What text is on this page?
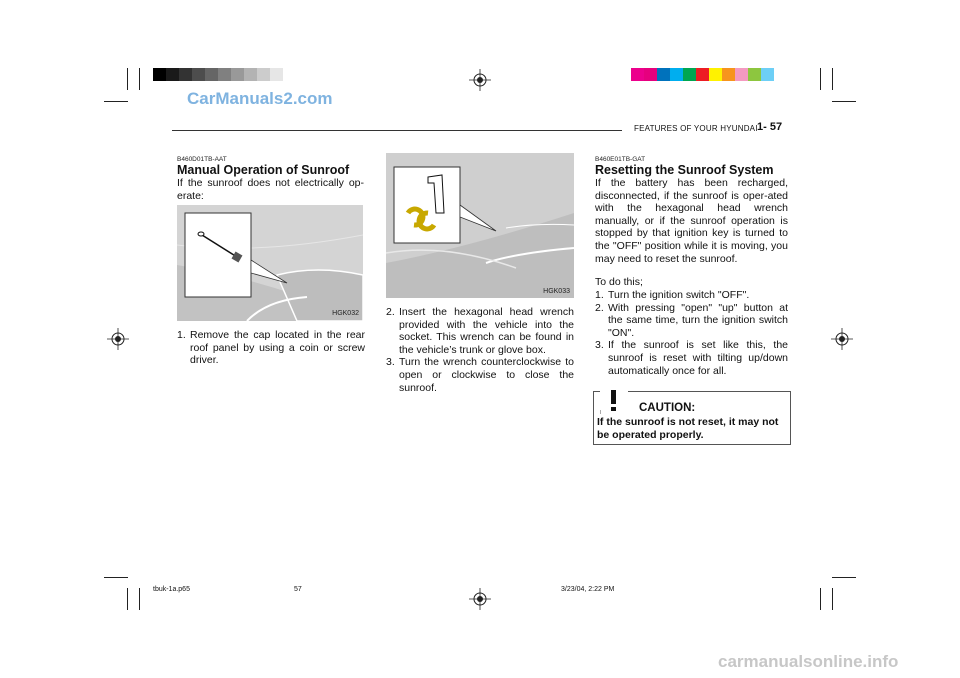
CarManuals2.com
FEATURES OF YOUR HYUNDAI 1- 57
B460D01TB-AAT
Manual Operation of Sunroof
If the sunroof does not electrically op-erate:
HGK032
1. Remove the cap located in the rear roof panel by using a coin or screw driver.
HGK033
2. Insert the hexagonal head wrench provided with the vehicle into the socket. This wrench can be found in the vehicle’s trunk or glove box.
3. Turn the wrench counterclockwise to open or clockwise to close the sunroof.
B460E01TB-GAT
Resetting the Sunroof System
If the battery has been recharged, disconnected, if the sunroof is oper-ated with the hexagonal head wrench manually, or if the sunroof operation is stopped by that ignition key is turned to the "OFF" position while it is moving, you may need to reset the sunroof.
To do this;
1. Turn the ignition switch "OFF".
2. With pressing "open" "up" button at the same time, turn the ignition switch "ON".
3. If the sunroof is set like this, the sunroof is reset with tilting up/down automatically once for all.
CAUTION:
If the sunroof is not reset, it may not be operated properly.
tbuk-1a.p65	57	3/23/04, 2:22 PM
carmanualsonline.info
